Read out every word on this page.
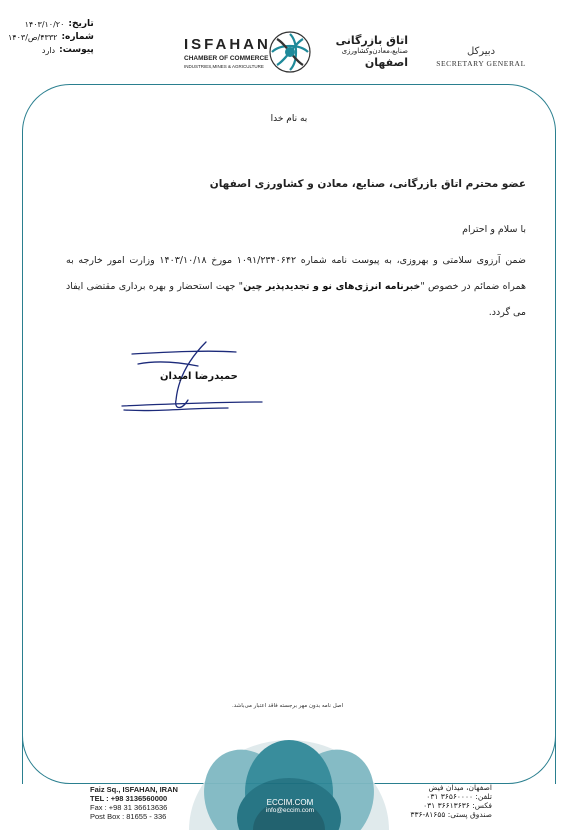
۱۴۰۳/۱۰/۲۰ تاریخ:
۴۳۳۲/ص/۱۴۰۳ شماره:
دارد پیوست:	ISFAHAN
CHAMBER OF COMMERCE
INDUSTRIES,MINES & AGRICULTURE
اتاق بازرگانی
صنایع،معادن‌وکشاورزی
اصفهان
دبیرکل
SECRETARY GENERAL
به نام خدا
عضو محترم اتاق بازرگانی، صنایع، معادن و کشاورزی اصفهان
با سلام و احترام
ضمن آرزوی سلامتی و بهروزی، به پیوست نامه شماره ۱۰۹۱/۲۳۴۰۶۴۲ مورخ ۱۴۰۳/۱۰/۱۸ وزارت امور خارجه به همراه ضمائم در خصوص "خبرنامه انرژی‌های نو و تجدیدپذیر چین" جهت استحضار و بهره برداری مقتضی ایفاد می گردد.
حمیدرضا امیدان
اصل نامه بدون مهر برجسته فاقد اعتبار می‌باشد.
ECCIM.COM
info@eccim.com
Faiz Sq., ISFAHAN, IRAN
TEL : +98 3136560000
Fax : +98 31 36613636
Post Box : 81655 - 336
اصفهان، میدان فیض
تلفن: ۳۶۵۶۰۰۰۰ ۰۳۱
فکس: ۳۶۶۱۳۶۳۶ ۰۳۱
صندوق پستی: ۸۱۶۵۵-۳۳۶
